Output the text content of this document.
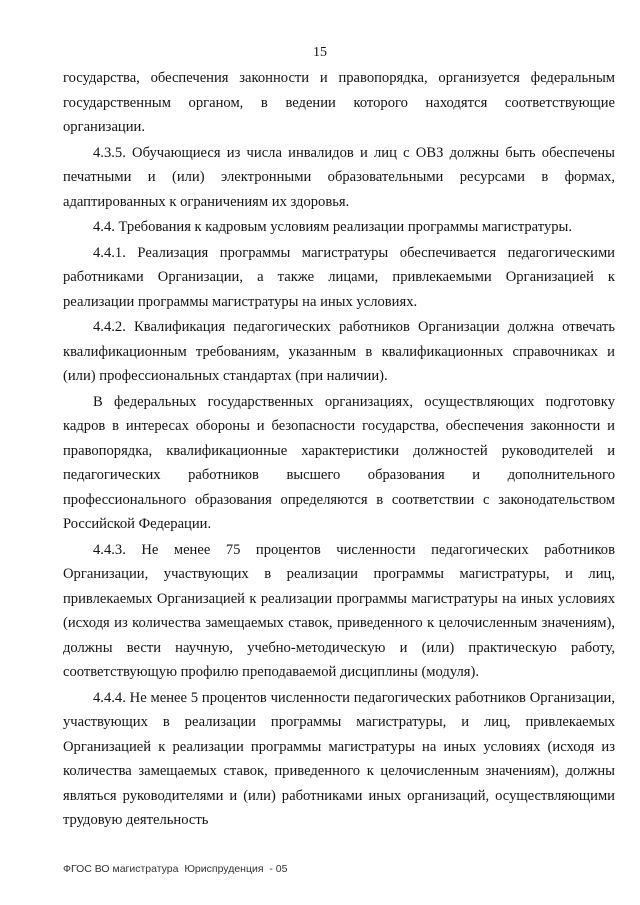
15

государства, обеспечения законности и правопорядка, организуется федеральным государственным органом, в ведении которого находятся соответствующие организации.

4.3.5. Обучающиеся из числа инвалидов и лиц с ОВЗ должны быть обеспечены печатными и (или) электронными образовательными ресурсами в формах, адаптированных к ограничениям их здоровья.

4.4. Требования к кадровым условиям реализации программы магистратуры.

4.4.1. Реализация программы магистратуры обеспечивается педагогическими работниками Организации, а также лицами, привлекаемыми Организацией к реализации программы магистратуры на иных условиях.

4.4.2. Квалификация педагогических работников Организации должна отвечать квалификационным требованиям, указанным в квалификационных справочниках и (или) профессиональных стандартах (при наличии).

В федеральных государственных организациях, осуществляющих подготовку кадров в интересах обороны и безопасности государства, обеспечения законности и правопорядка, квалификационные характеристики должностей руководителей и педагогических работников высшего образования и дополнительного профессионального образования определяются в соответствии с законодательством Российской Федерации.

4.4.3. Не менее 75 процентов численности педагогических работников Организации, участвующих в реализации программы магистратуры, и лиц, привлекаемых Организацией к реализации программы магистратуры на иных условиях (исходя из количества замещаемых ставок, приведенного к целочисленным значениям), должны вести научную, учебно-методическую и (или) практическую работу, соответствующую профилю преподаваемой дисциплины (модуля).

4.4.4. Не менее 5 процентов численности педагогических работников Организации, участвующих в реализации программы магистратуры, и лиц, привлекаемых Организацией к реализации программы магистратуры на иных условиях (исходя из количества замещаемых ставок, приведенного к целочисленным значениям), должны являться руководителями и (или) работниками иных организаций, осуществляющими трудовую деятельность

ФГОС ВО магистратура  Юриспруденция  - 05
